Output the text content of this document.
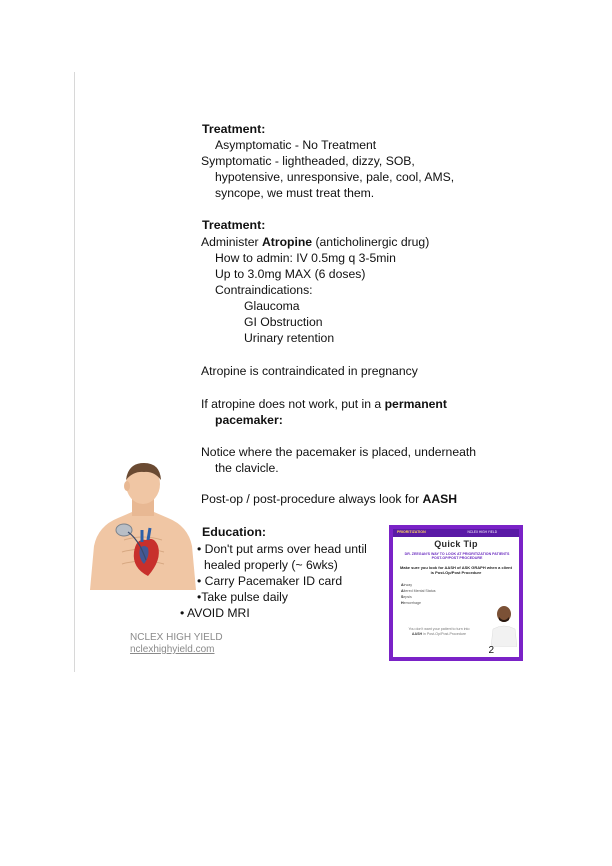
Treatment:
Asymptomatic - No Treatment
Symptomatic - lightheaded, dizzy, SOB,
hypotensive, unresponsive, pale, cool, AMS,
syncope, we must treat them.
Treatment:
Administer Atropine (anticholinergic drug)
How to admin: IV 0.5mg q 3-5min
Up to 3.0mg MAX (6 doses)
Contraindications:
Glaucoma
GI Obstruction
Urinary retention
Atropine is contraindicated in pregnancy
If atropine does not work, put in a permanent
pacemaker:
Notice where the pacemaker is placed, underneath
the clavicle.
Post-op / post-procedure always look for AASH
Education:
• Don't put arms over head until
healed properly (~ 6wks)
• Carry Pacemaker ID card
•Take pulse daily
• AVOID MRI
NCLEX HIGH YIELD
nclexhighyield.com
PRIORITIZATION	NCLEX HIGH YIELD
Quick Tip
DR. ZEEGAN'S WAY TO LOOK AT PRIORITIZATION PATIENTS POST-OP/POST PROCEDURE
Make sure you look for AASH of ASK GRAPH when a client is Post-Op/Post Procedure
Airway
Altered Mental Status
Sepsis
Hemorrhage
You don't want your patient to turn into AASH in Post-Op/Post-Procedure
2
